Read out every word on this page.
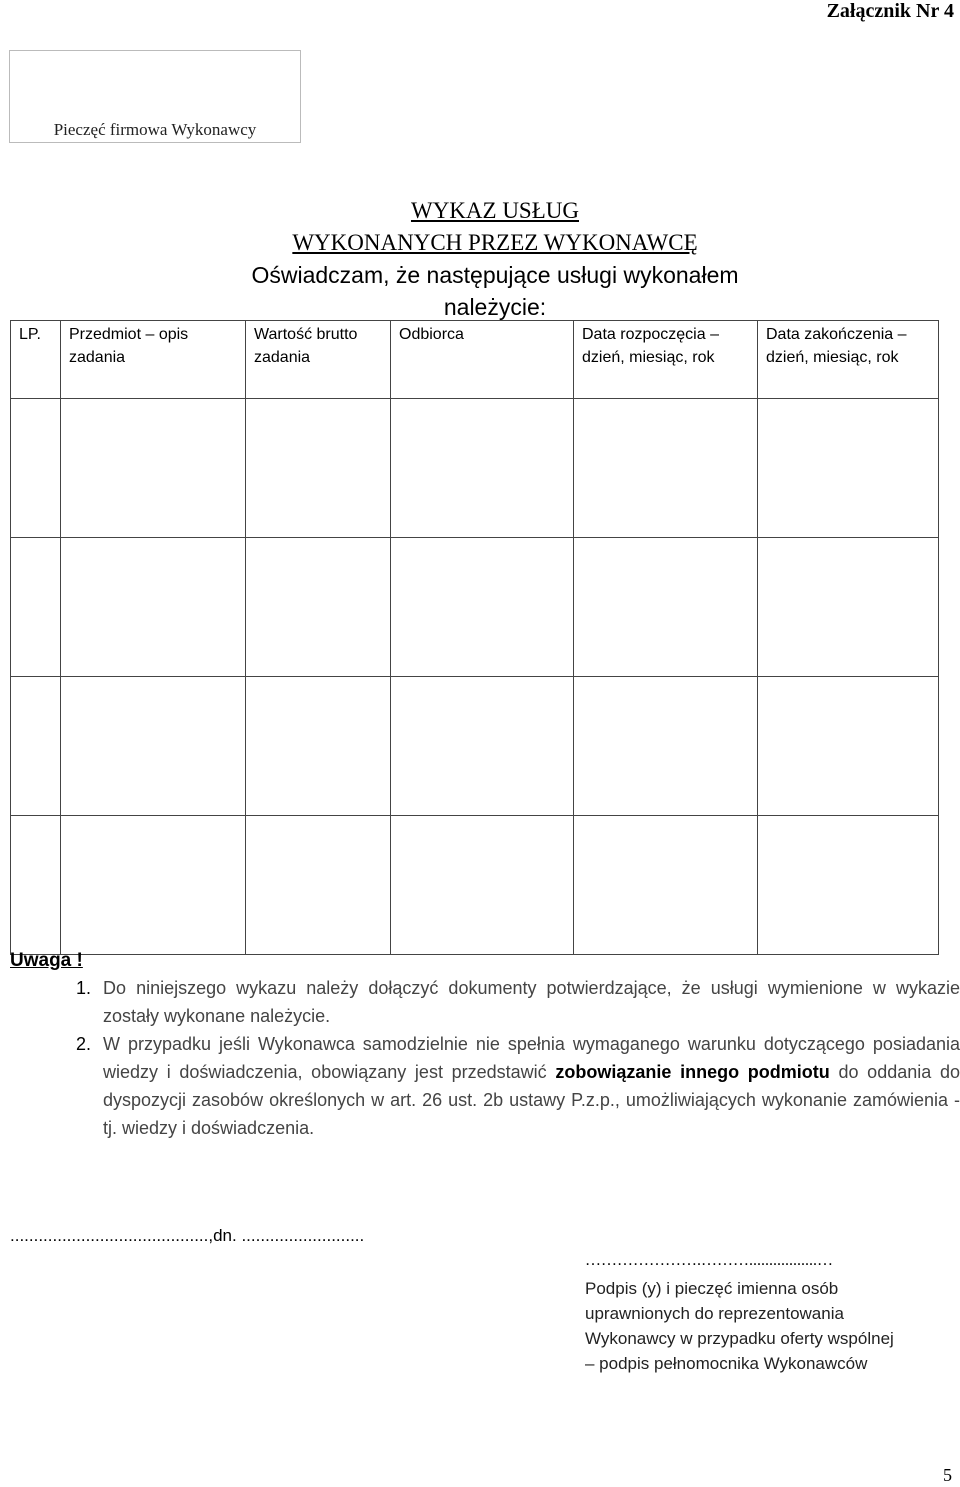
Załącznik Nr 4
Pieczęć firmowa Wykonawcy
WYKAZ USŁUG
WYKONANYCH PRZEZ WYKONAWCĘ
Oświadczam, że następujące usługi wykonałem
należycie:
LP.	Przedmiot – opis zadania	Wartość brutto zadania	Odbiorca	Data rozpoczęcia – dzień, miesiąc, rok	Data zakończenia – dzień, miesiąc, rok

Uwaga !
1. Do niniejszego wykazu należy dołączyć dokumenty potwierdzające, że usługi wymienione w wykazie zostały wykonane należycie.
2. W przypadku jeśli Wykonawca samodzielnie nie spełnia wymaganego warunku dotyczącego posiadania wiedzy i doświadczenia, obowiązany jest przedstawić zobowiązanie innego podmiotu do oddania do dyspozycji zasobów określonych w art. 26 ust. 2b ustawy P.z.p., umożliwiających wykonanie zamówienia - tj. wiedzy i doświadczenia.
..........................................,dn. ..........................
………………….……….................…
Podpis (y) i pieczęć imienna osób
uprawnionych do reprezentowania
Wykonawcy w przypadku oferty wspólnej
– podpis pełnomocnika Wykonawców
5
